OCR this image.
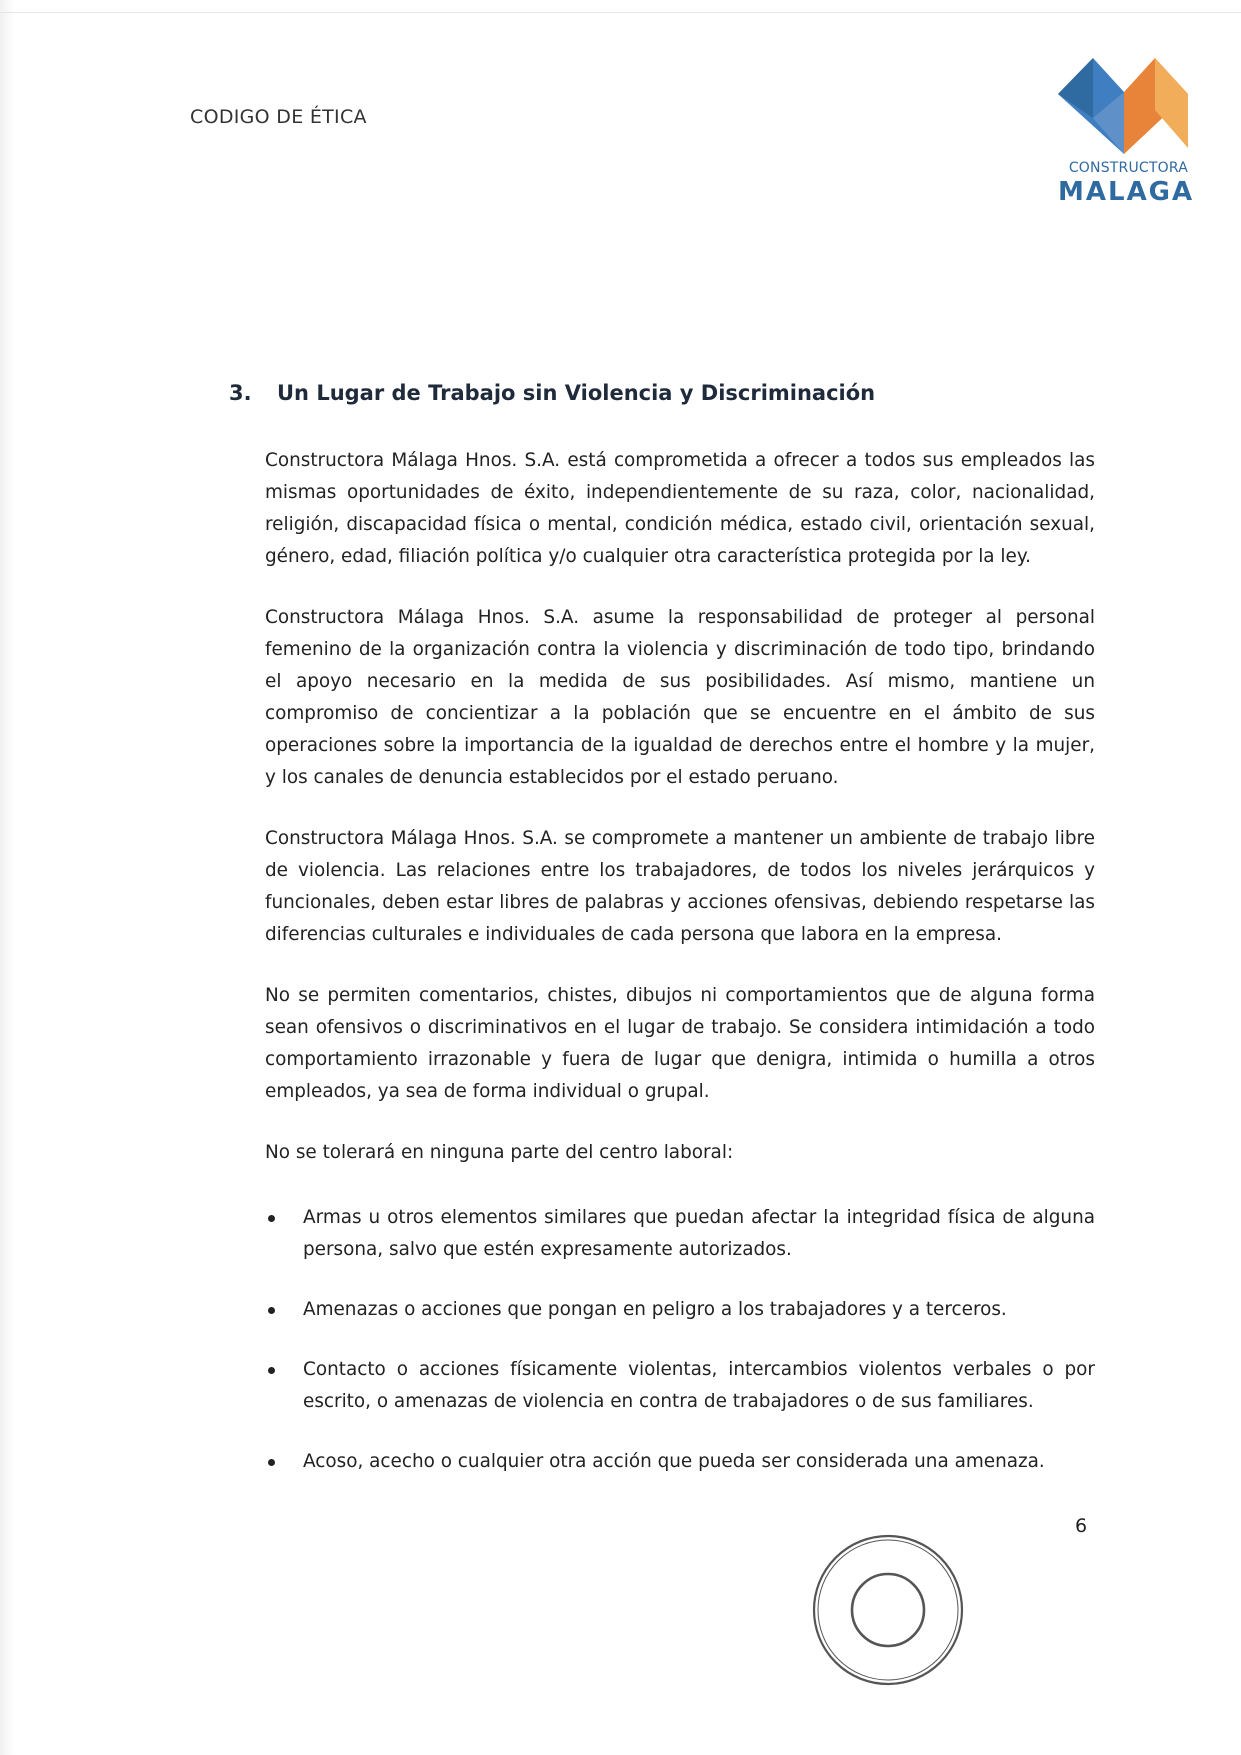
CODIGO DE ÉTICA
CONSTRUCTORA
MALAGA
3. Un Lugar de Trabajo sin Violencia y Discriminación

Constructora Málaga Hnos. S.A. está comprometida a ofrecer a todos sus empleados las mismas oportunidades de éxito, independientemente de su raza, color, nacionalidad, religión, discapacidad física o mental, condición médica, estado civil, orientación sexual, género, edad, filiación política y/o cualquier otra característica protegida por la ley.

Constructora Málaga Hnos. S.A. asume la responsabilidad de proteger al personal femenino de la organización contra la violencia y discriminación de todo tipo, brindando el apoyo necesario en la medida de sus posibilidades. Así mismo, mantiene un compromiso de concientizar a la población que se encuentre en el ámbito de sus operaciones sobre la importancia de la igualdad de derechos entre el hombre y la mujer, y los canales de denuncia establecidos por el estado peruano.

Constructora Málaga Hnos. S.A. se compromete a mantener un ambiente de trabajo libre de violencia. Las relaciones entre los trabajadores, de todos los niveles jerárquicos y funcionales, deben estar libres de palabras y acciones ofensivas, debiendo respetarse las diferencias culturales e individuales de cada persona que labora en la empresa.

No se permiten comentarios, chistes, dibujos ni comportamientos que de alguna forma sean ofensivos o discriminativos en el lugar de trabajo. Se considera intimidación a todo comportamiento irrazonable y fuera de lugar que denigra, intimida o humilla a otros empleados, ya sea de forma individual o grupal.

No se tolerará en ninguna parte del centro laboral:

Armas u otros elementos similares que puedan afectar la integridad física de alguna persona, salvo que estén expresamente autorizados.
Amenazas o acciones que pongan en peligro a los trabajadores y a terceros.
Contacto o acciones físicamente violentas, intercambios violentos verbales o por escrito, o amenazas de violencia en contra de trabajadores o de sus familiares.
Acoso, acecho o cualquier otra acción que pueda ser considerada una amenaza.
6
